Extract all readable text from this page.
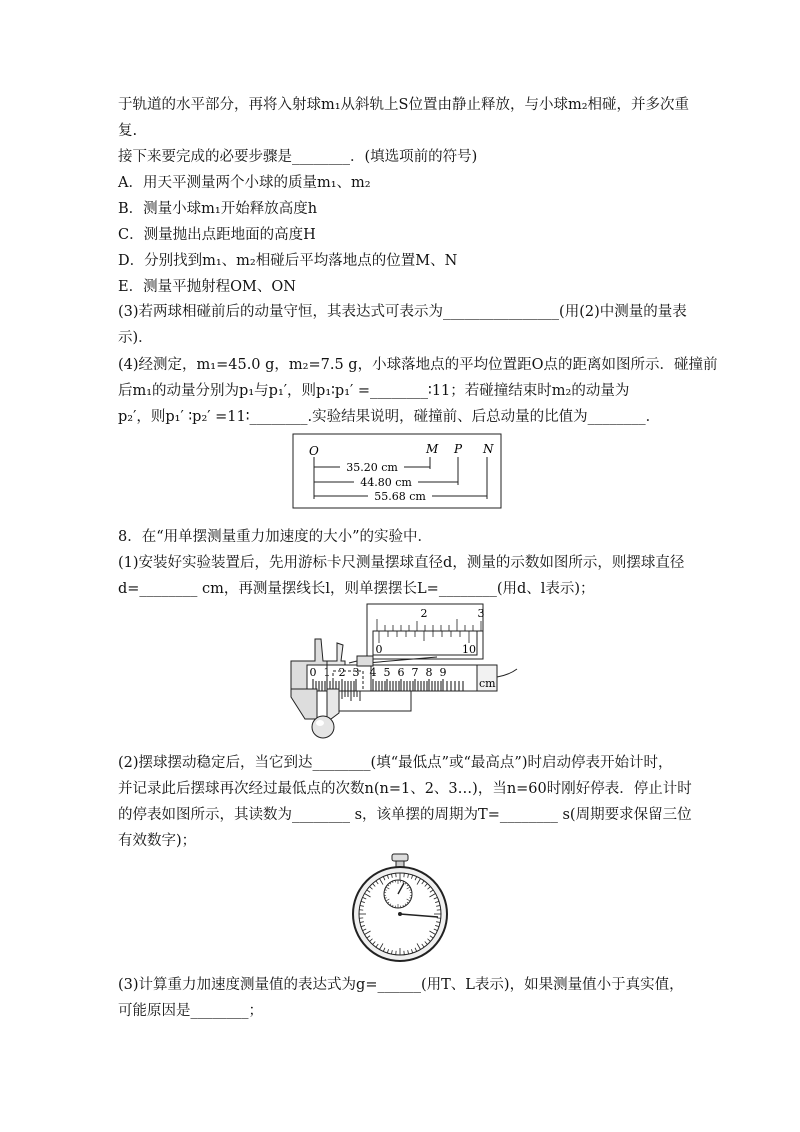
于轨道的水平部分，再将入射球m₁从斜轨上S位置由静止释放，与小球m₂相碰，并多次重
复.
接下来要完成的必要步骤是________．(填选项前的符号)
A．用天平测量两个小球的质量m₁、m₂
B．测量小球m₁开始释放高度h
C．测量抛出点距地面的高度H
D．分别找到m₁、m₂相碰后平均落地点的位置M、N
E．测量平抛射程OM、ON
(3)若两球相碰前后的动量守恒，其表达式可表示为________________(用(2)中测量的量表
示)．
(4)经测定，m₁=45.0 g，m₂=7.5 g，小球落地点的平均位置距O点的距离如图所示．碰撞前
后m₁的动量分别为p₁与p₁′，则p₁∶p₁′ =________∶11；若碰撞结束时m₂的动量为
p₂′，则p₁′ ∶p₂′ =11∶________.实验结果说明，碰撞前、后总动量的比值为________．
O	M P N
35.20 cm
44.80 cm
55.68 cm
8．在“用单摆测量重力加速度的大小”的实验中．
(1)安装好实验装置后，先用游标卡尺测量摆球直径d，测量的示数如图所示，则摆球直径
d=________ cm，再测量摆线长l，则单摆摆长L=________(用d、l表示)；
2	3
0	10
cm
0 1 2 3 4 5 6 7 8 9
(2)摆球摆动稳定后，当它到达________(填“最低点”或“最高点”)时启动停表开始计时，
并记录此后摆球再次经过最低点的次数n(n=1、2、3…)，当n=60时刚好停表．停止计时
的停表如图所示，其读数为________ s，该单摆的周期为T=________ s(周期要求保留三位
有效数字)；
(3)计算重力加速度测量值的表达式为g=______(用T、L表示)，如果测量值小于真实值，
可能原因是________；
